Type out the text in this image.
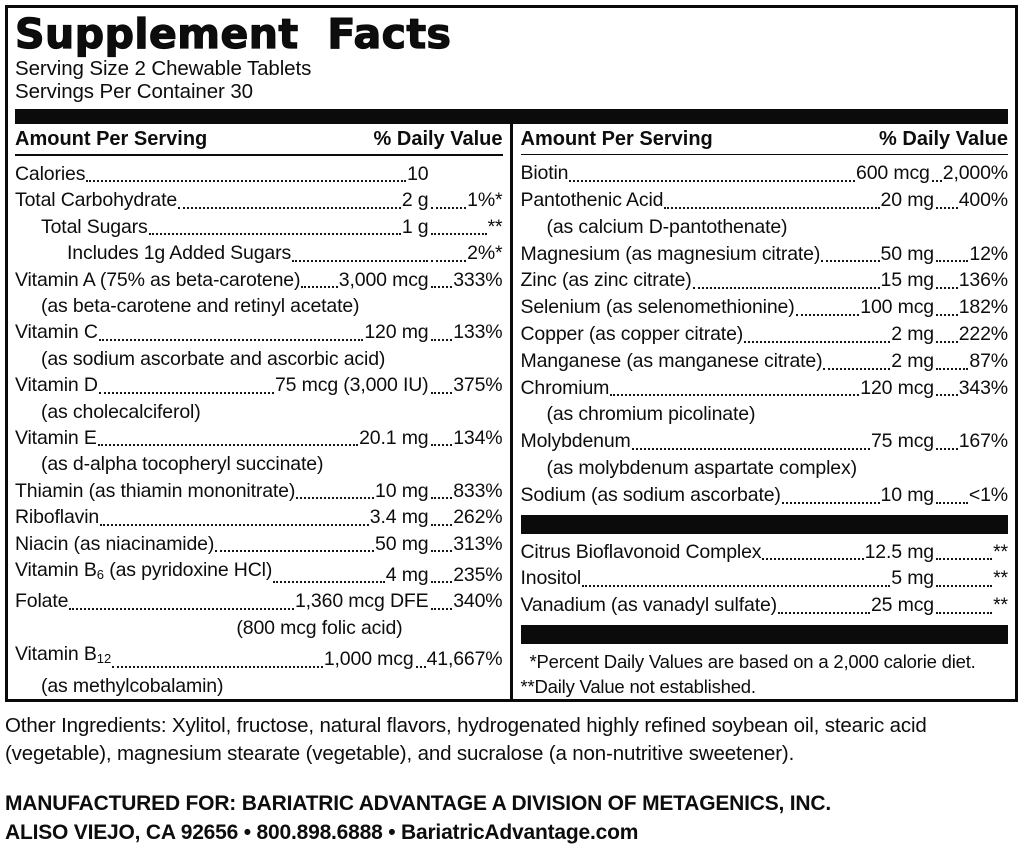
Supplement Facts
Serving Size 2 Chewable Tablets
Servings Per Container 30
Amount Per Serving	% Daily Value
Calories	10
Total Carbohydrate	2 g 1%*
Total Sugars	1 g	**
Includes 1g Added Sugars	2%*
Vitamin A (75% as beta-carotene) 3,000 mcg 333%
(as beta-carotene and retinyl acetate)
Vitamin C	120 mg 133%
(as sodium ascorbate and ascorbic acid)
Vitamin D	75 mcg (3,000 IU) 375%
(as cholecalciferol)
Vitamin E	20.1 mg 134%
(as d-alpha tocopheryl succinate)
Thiamin (as thiamin mononitrate)	10 mg 833%
Riboflavin	3.4 mg 262%
Niacin (as niacinamide)	50 mg 313%
Vitamin $B_6$ (as pyridoxine HCl)	4 mg 235%
Folate	1,360 mcg DFE 340%
(800 mcg folic acid)
Vitamin $B_{12}$	1,000 mcg 41,667%
(as methylcobalamin)
Amount Per Serving	% Daily Value
Biotin	600 mcg 2,000%
Pantothenic Acid	20 mg 400%
(as calcium D-pantothenate)
Magnesium (as magnesium citrate)	50 mg 12%
Zinc (as zinc citrate)	15 mg 136%
Selenium (as selenomethionine)	100 mcg 182%
Copper (as copper citrate)	2 mg 222%
Manganese (as manganese citrate)	2 mg 87%
Chromium	120 mcg 343%
(as chromium picolinate)
Molybdenum	75 mcg 167%
(as molybdenum aspartate complex)
Sodium (as sodium ascorbate)	10 mg <1%
Citrus Bioflavonoid Complex	12.5 mg	**
Inositol	5 mg	**
Vanadium (as vanadyl sulfate)	25 mcg	**
*Percent Daily Values are based on a 2,000 calorie diet.
**Daily Value not established.
Other Ingredients: Xylitol, fructose, natural flavors, hydrogenated highly refined soybean oil, stearic acid (vegetable), magnesium stearate (vegetable), and sucralose (a non-nutritive sweetener).
MANUFACTURED FOR: BARIATRIC ADVANTAGE A DIVISION OF METAGENICS, INC.
ALISO VIEJO, CA 92656 • 800.898.6888 • BariatricAdvantage.com
